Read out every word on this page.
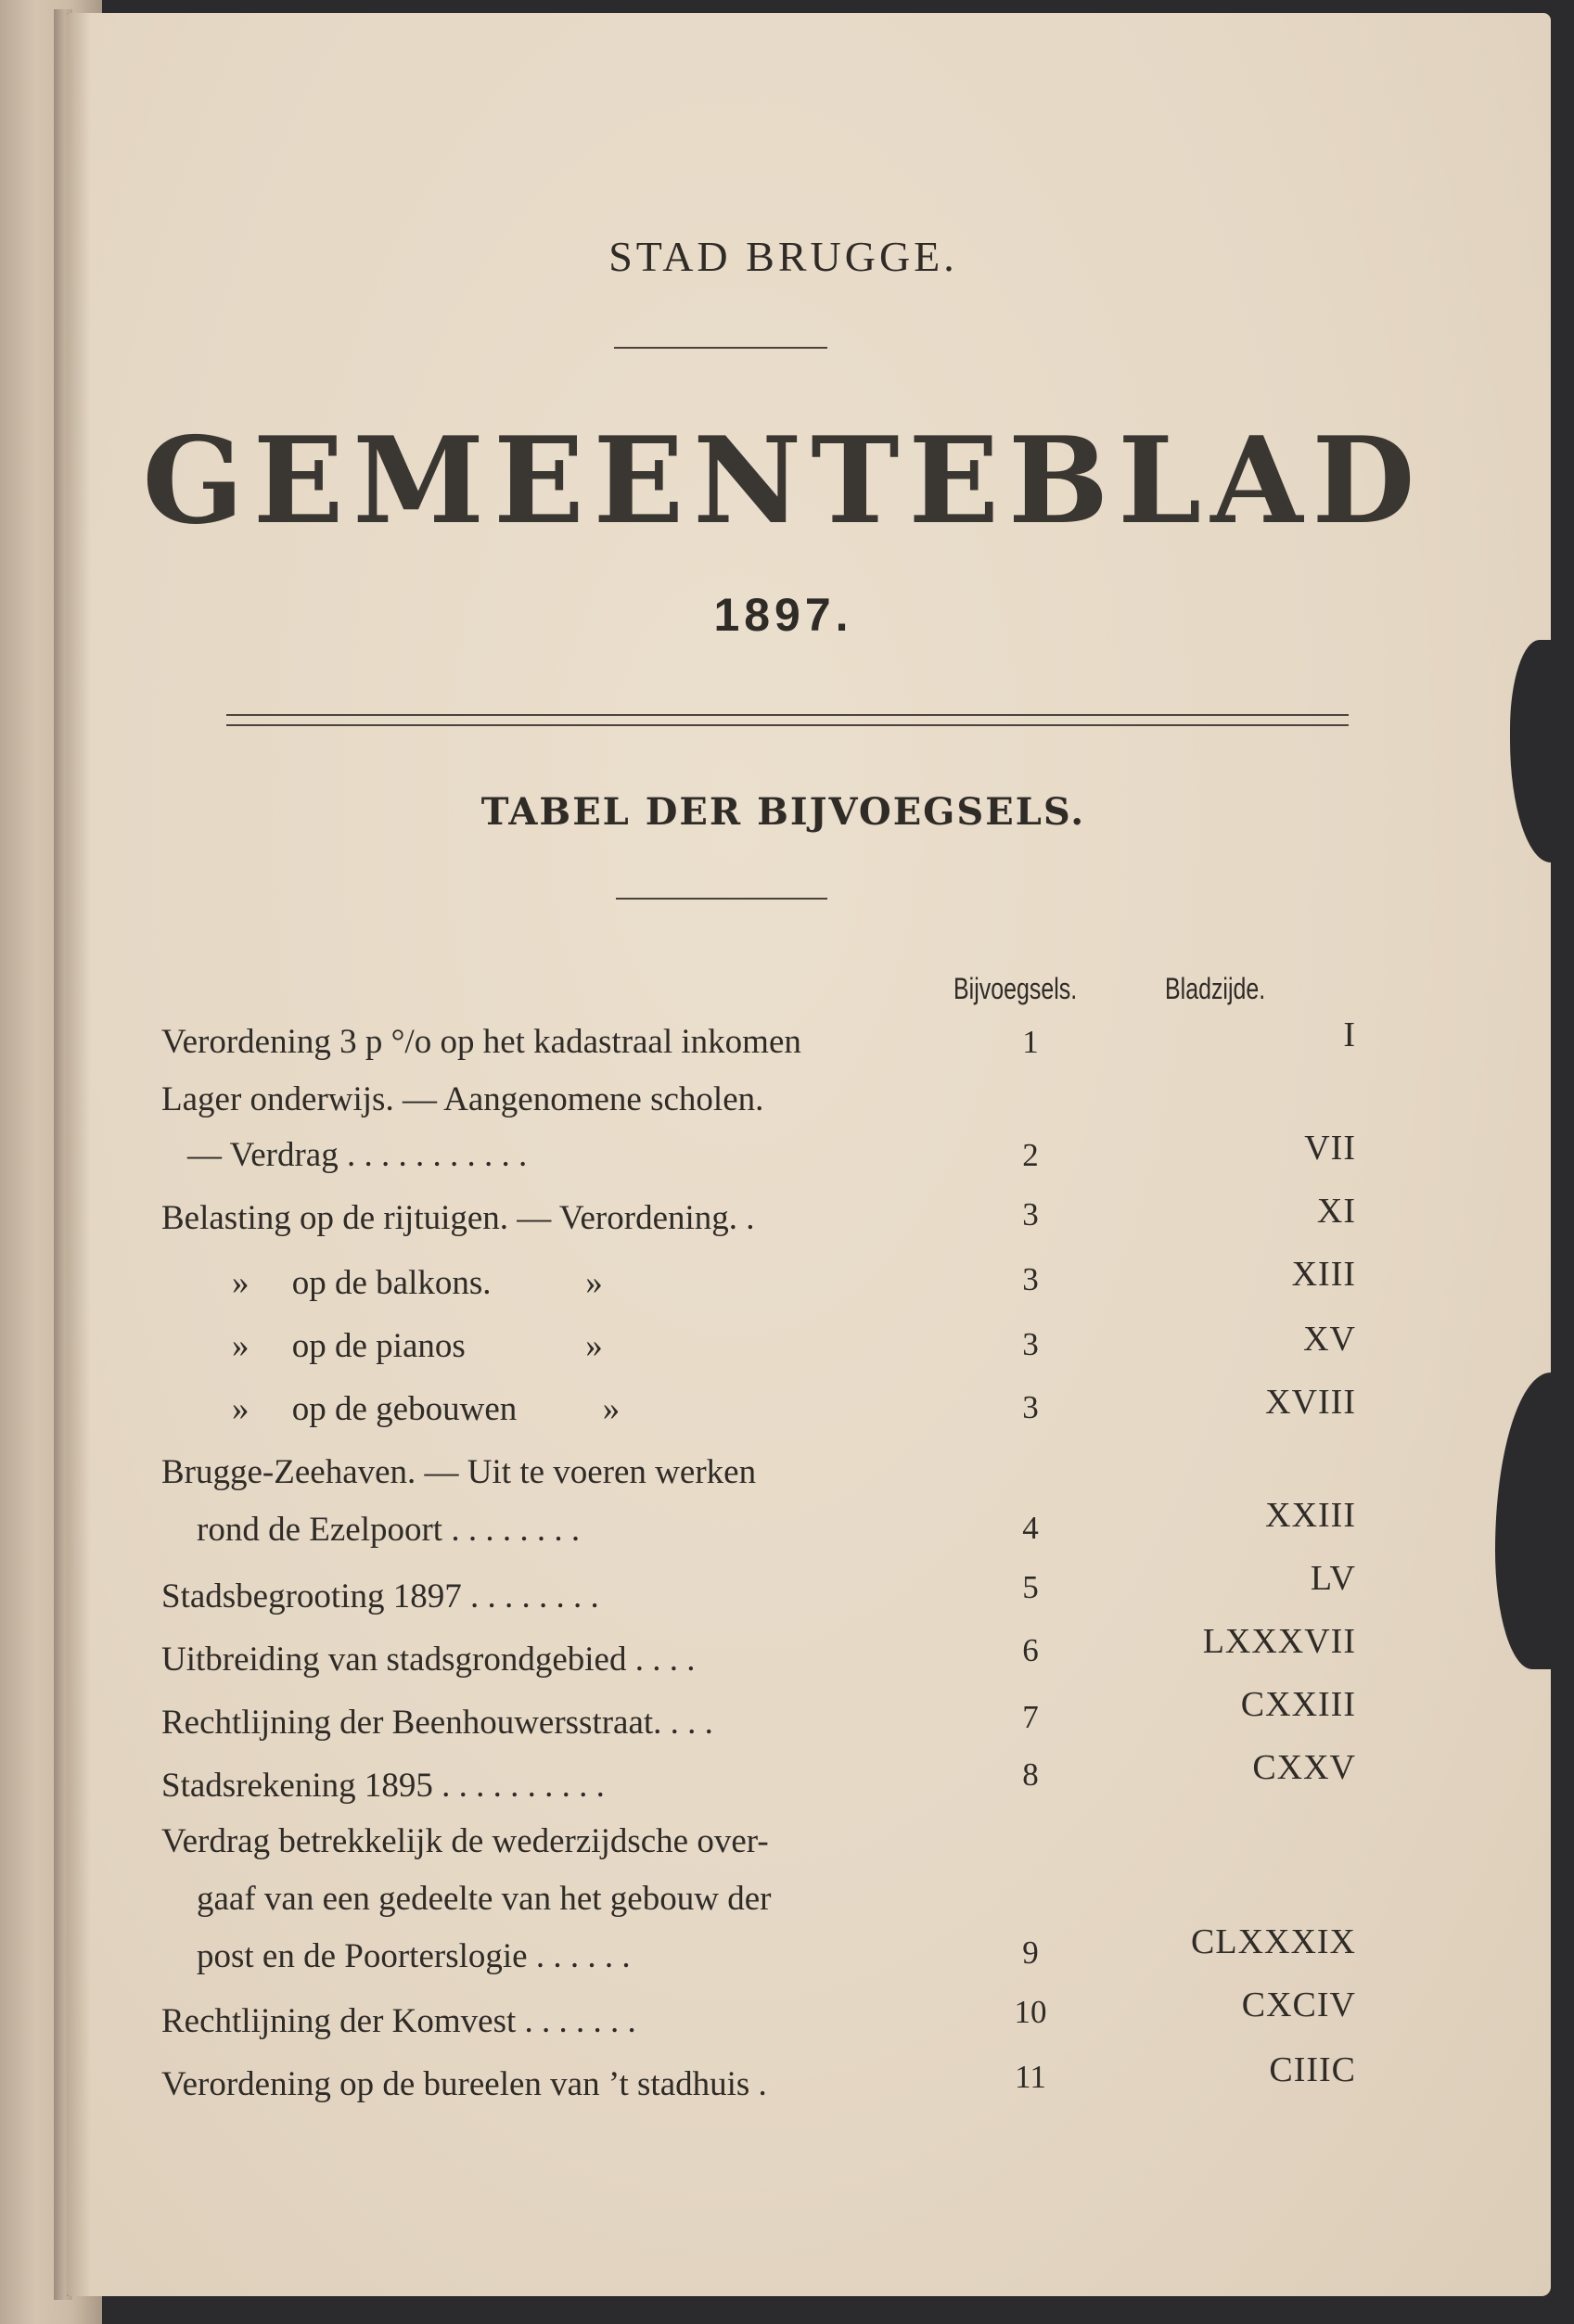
STAD BRUGGE.
GEMEENTEBLAD
1897.
TABEL DER BIJVOEGSELS.
Bijvoegsels.	Bladzijde.
Verordening 3 p °/o op het kadastraal inkomen	1	I
Lager onderwijs. — Aangenomene scholen.
— Verdrag . . . . . . . . . . .	2	VII
Belasting op de rijtuigen. — Verordening. .	3	XI
»     op de balkons.           »	3	XIII
»     op de pianos              »	3	XV
»     op de gebouwen          »	3	XVIII
Brugge-Zeehaven. — Uit te voeren werken
rond de Ezelpoort . . . . . . . .	4	XXIII
Stadsbegrooting 1897 . . . . . . . .	5	LV
Uitbreiding van stadsgrondgebied . . . .	6	LXXXVII
Rechtlijning der Beenhouwersstraat. . . .	7	CXXIII
Stadsrekening 1895 . . . . . . . . . .	8	CXXV
Verdrag betrekkelijk de wederzijdsche over-
gaaf van een gedeelte van het gebouw der
post en de Poorterslogie . . . . . .	9	CLXXXIX
Rechtlijning der Komvest . . . . . . .	10	CXCIV
Verordening op de bureelen van ’t stadhuis .	11	CIIIC
